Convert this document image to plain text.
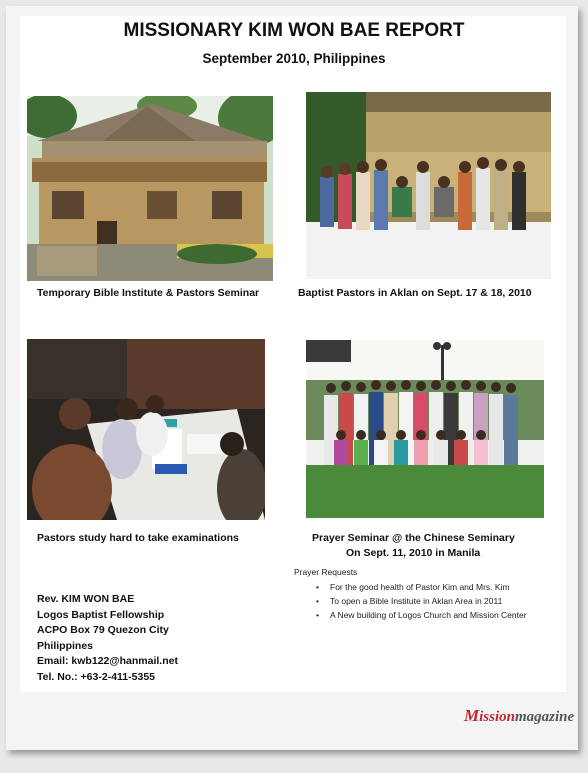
MISSIONARY KIM WON BAE REPORT
September 2010, Philippines
Temporary Bible Institute & Pastors Seminar	Baptist Pastors in Aklan on Sept. 17 & 18, 2010
Pastors study hard to take examinations	Prayer Seminar @ the Chinese Seminary
On Sept. 11, 2010 in Manila
Rev. KIM WON BAE
Logos Baptist Fellowship
ACPO Box 79 Quezon City
Philippines
Email: kwb122@hanmail.net
Tel. No.: +63-2-411-5355
Prayer Requests
• For the good health of Pastor Kim and Mrs. Kim
• To open a Bible Institute in Aklan Area in 2011
• A New building of Logos Church and Mission Center
Missionmagazine
